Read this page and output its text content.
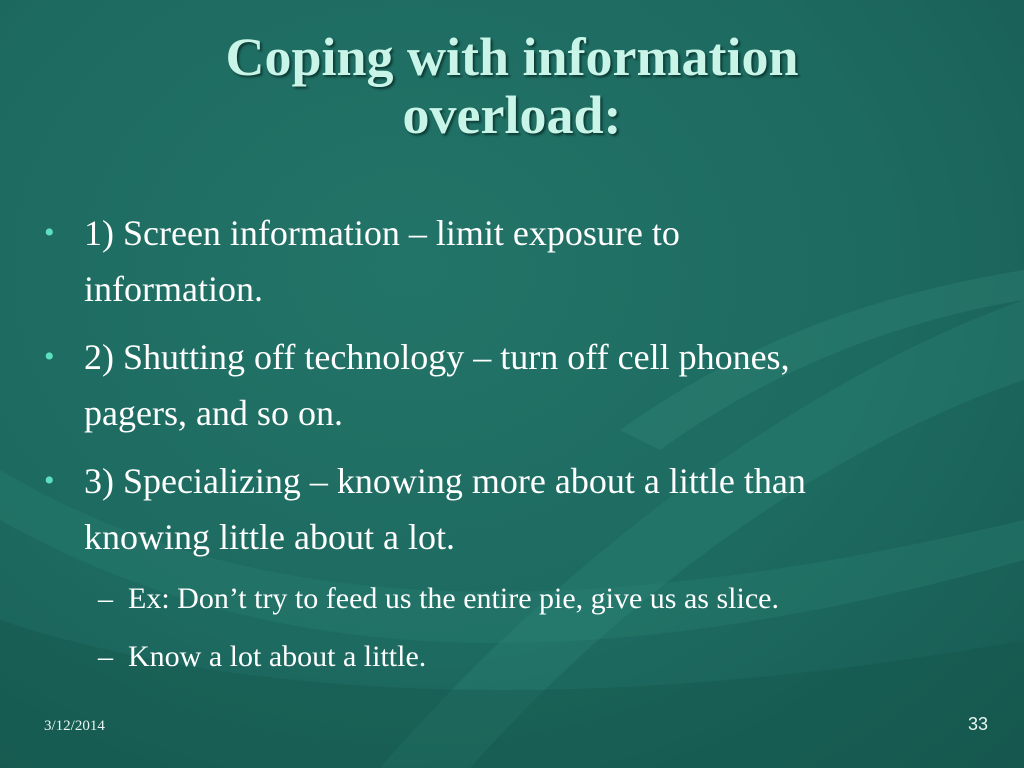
Coping with information
overload:
• 1) Screen information – limit exposure to
information.
• 2) Shutting off technology – turn off cell phones,
pagers, and so on.
• 3) Specializing – knowing more about a little than
knowing little about a lot.
– Ex: Don’t try to feed us the entire pie, give us as slice.
– Know a lot about a little.
3/12/2014	33
